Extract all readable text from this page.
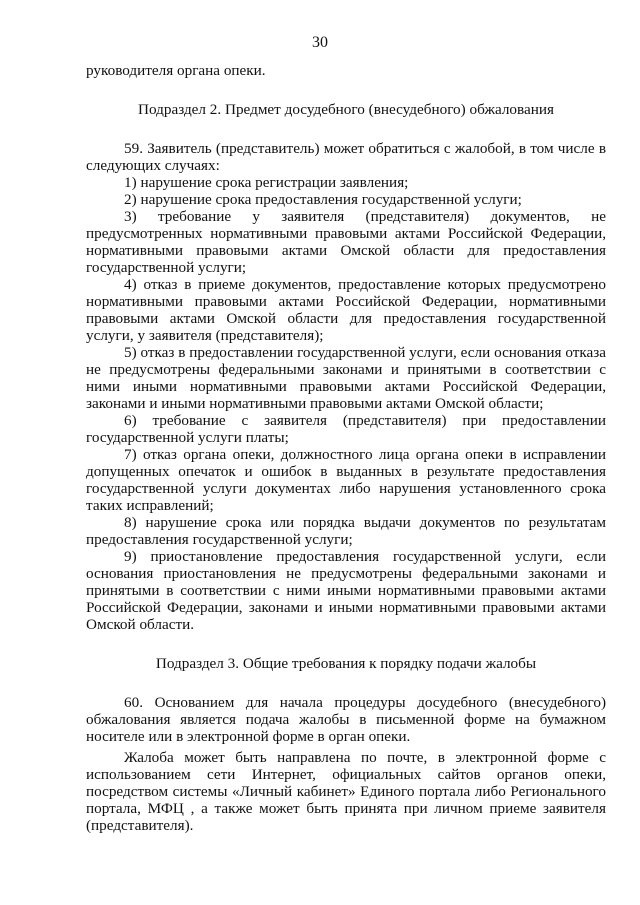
30

руководителя органа опеки.

Подраздел 2. Предмет досудебного (внесудебного) обжалования

59. Заявитель (представитель) может обратиться с жалобой, в том числе в следующих случаях:

1) нарушение срока регистрации заявления;

2) нарушение срока предоставления государственной услуги;

3) требование у заявителя (представителя) документов, не предусмотренных нормативными правовыми актами Российской Федерации, нормативными правовыми актами Омской области для предоставления государственной услуги;

4) отказ в приеме документов, предоставление которых предусмотрено нормативными правовыми актами Российской Федерации, нормативными правовыми актами Омской области для предоставления государственной услуги, у заявителя (представителя);

5) отказ в предоставлении государственной услуги, если основания отказа не предусмотрены федеральными законами и принятыми в соответствии с ними иными нормативными правовыми актами Российской Федерации, законами и иными нормативными правовыми актами Омской области;

6) требование с заявителя (представителя) при предоставлении государственной услуги платы;

7) отказ органа опеки, должностного лица органа опеки в исправлении допущенных опечаток и ошибок в выданных в результате предоставления государственной услуги документах либо нарушения установленного срока таких исправлений;

8) нарушение срока или порядка выдачи документов по результатам предоставления государственной услуги;

9) приостановление предоставления государственной услуги, если основания приостановления не предусмотрены федеральными законами и принятыми в соответствии с ними иными нормативными правовыми актами Российской Федерации, законами и иными нормативными правовыми актами Омской области.

Подраздел 3. Общие требования к порядку подачи жалобы

60. Основанием для начала процедуры досудебного (внесудебного) обжалования является подача жалобы в письменной форме на бумажном носителе или в электронной форме в орган опеки.

Жалоба может быть направлена по почте, в электронной форме с использованием сети Интернет, официальных сайтов органов опеки, посредством системы «Личный кабинет» Единого портала либо Регионального портала, МФЦ , а также может быть принята при личном приеме заявителя (представителя).
